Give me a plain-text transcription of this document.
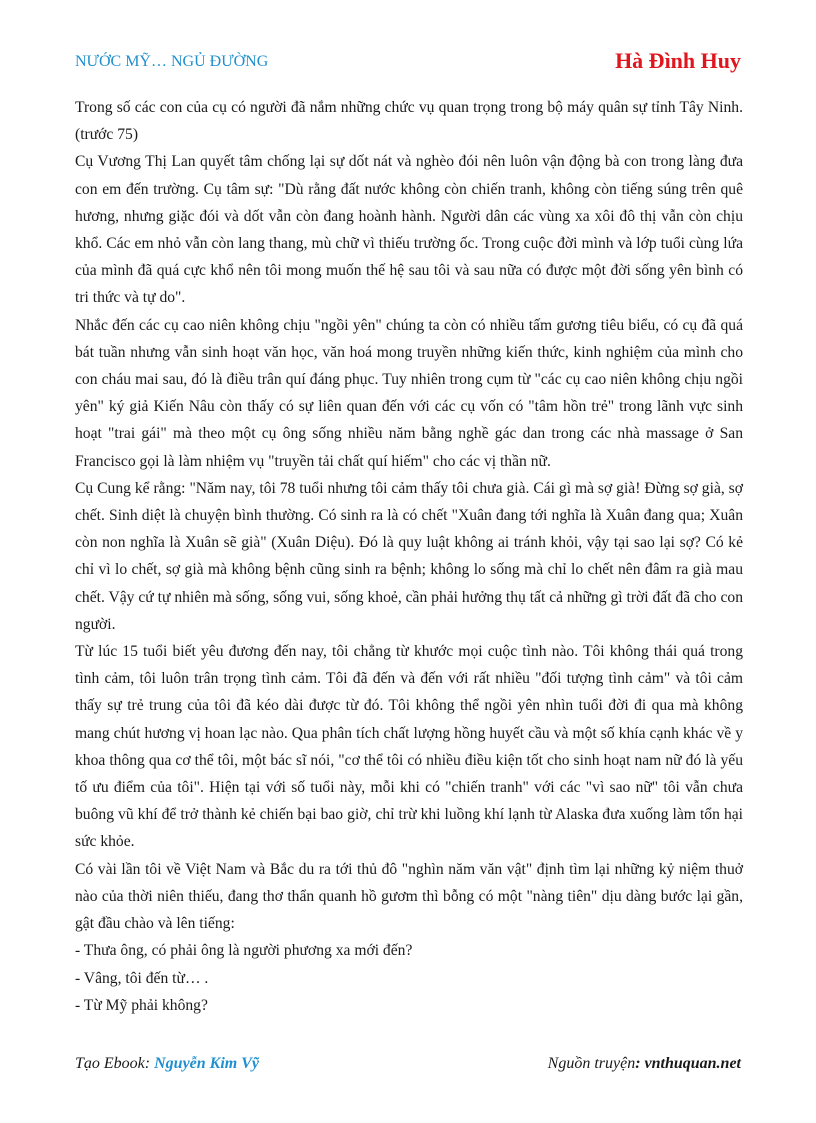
NƯỚC MỸ… NGỦ ĐƯỜNG	Hà Đình Huy

Trong số các con của cụ có người đã nắm những chức vụ quan trọng trong bộ máy quân sự tỉnh Tây Ninh. (trước 75)

Cụ Vương Thị Lan quyết tâm chống lại sự dốt nát và nghèo đói nên luôn vận động bà con trong làng đưa con em đến trường. Cụ tâm sự: "Dù rằng đất nước không còn chiến tranh, không còn tiếng súng trên quê hương, nhưng giặc đói và dốt vẫn còn đang hoành hành. Người dân các vùng xa xôi đô thị vẫn còn chịu khổ. Các em nhỏ vẫn còn lang thang, mù chữ vì thiếu trường ốc. Trong cuộc đời mình và lớp tuổi cùng lứa của mình đã quá cực khổ nên tôi mong muốn thế hệ sau tôi và sau nữa có được một đời sống yên bình có tri thức và tự do".

Nhắc đến các cụ cao niên không chịu "ngồi yên" chúng ta còn có nhiều tấm gương tiêu biểu, có cụ đã quá bát tuần nhưng vẫn sinh hoạt văn học, văn hoá mong truyền những kiến thức, kinh nghiệm của mình cho con cháu mai sau, đó là điều trân quí đáng phục. Tuy nhiên trong cụm từ "các cụ cao niên không chịu ngồi yên" ký giả Kiến Nâu còn thấy có sự liên quan đến với các cụ vốn có "tâm hồn trẻ" trong lãnh vực sinh hoạt "trai gái" mà theo một cụ ông sống nhiều năm bằng nghề gác dan trong các nhà massage ở San Francisco gọi là làm nhiệm vụ "truyền tải chất quí hiếm" cho các vị thần nữ.

Cụ Cung kể rằng: "Năm nay, tôi 78 tuổi nhưng tôi cảm thấy tôi chưa già. Cái gì mà sợ già! Đừng sợ già, sợ chết. Sinh diệt là chuyện bình thường. Có sinh ra là có chết "Xuân đang tới nghĩa là Xuân đang qua; Xuân còn non nghĩa là Xuân sẽ già" (Xuân Diệu). Đó là quy luật không ai tránh khỏi, vậy tại sao lại sợ? Có kẻ chỉ vì lo chết, sợ già mà không bệnh cũng sinh ra bệnh; không lo sống mà chỉ lo chết nên đâm ra già mau chết. Vậy cứ tự nhiên mà sống, sống vui, sống khoẻ, cần phải hưởng thụ tất cả những gì trời đất đã cho con người.

Từ lúc 15 tuổi biết yêu đương đến nay, tôi chẳng từ khước mọi cuộc tình nào. Tôi không thái quá trong tình cảm, tôi luôn trân trọng tình cảm. Tôi đã đến và đến với rất nhiều "đối tượng tình cảm" và tôi cảm thấy sự trẻ trung của tôi đã kéo dài được từ đó. Tôi không thể ngồi yên nhìn tuổi đời đi qua mà không mang chút hương vị hoan lạc nào. Qua phân tích chất lượng hồng huyết cầu và một số khía cạnh khác về y khoa thông qua cơ thể tôi, một bác sĩ nói, "cơ thể tôi có nhiều điều kiện tốt cho sinh hoạt nam nữ đó là yếu tố ưu điểm của tôi". Hiện tại với số tuổi này, mỗi khi có "chiến tranh" với các "vì sao nữ" tôi vẫn chưa buông vũ khí để trở thành kẻ chiến bại bao giờ, chỉ trừ khi luồng khí lạnh từ Alaska đưa xuống làm tổn hại sức khỏe.

Có vài lần tôi về Việt Nam và Bắc du ra tới thủ đô "nghìn năm văn vật" định tìm lại những kỷ niệm thuở nào của thời niên thiếu, đang thơ thẩn quanh hồ gươm thì bỗng có một "nàng tiên" dịu dàng bước lại gần, gật đầu chào và lên tiếng:

- Thưa ông, có phải ông là người phương xa mới đến?

- Vâng, tôi đến từ… .

- Từ Mỹ phải không?

Tạo Ebook: Nguyễn Kim Vỹ	Nguồn truyện: vnthuquan.net
